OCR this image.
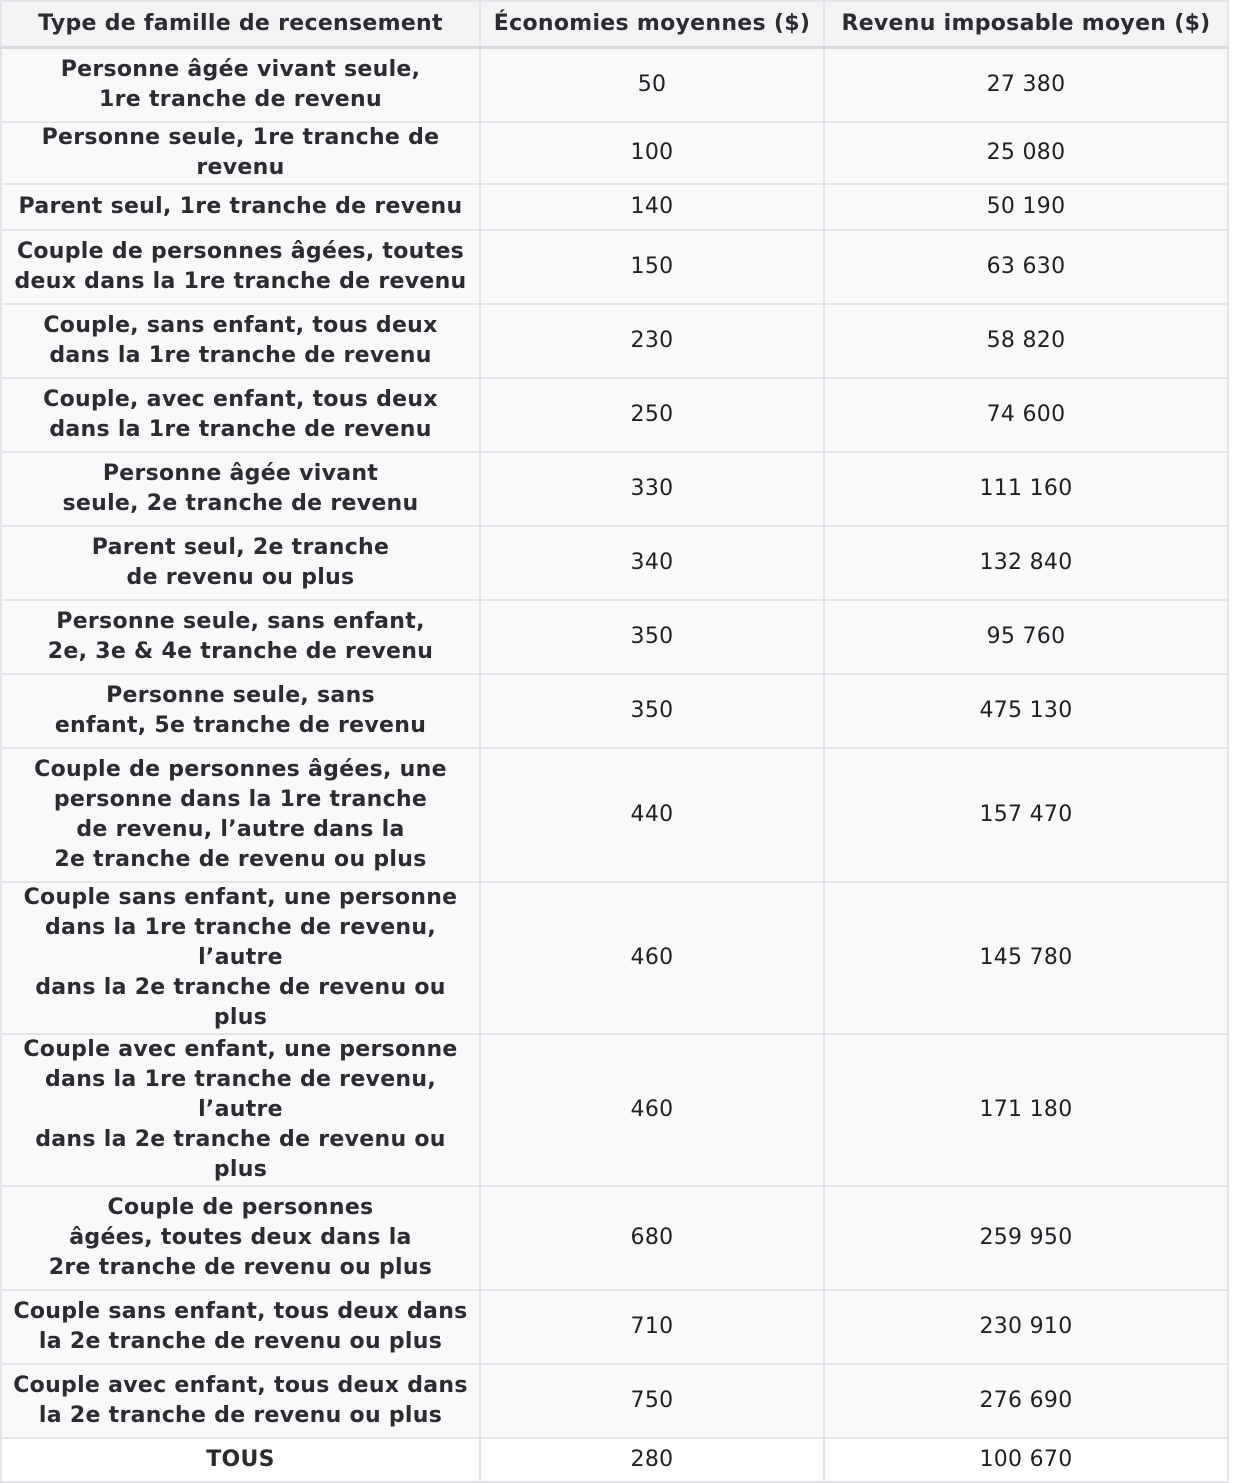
Type de famille de recensement	Économies moyennes ($)	Revenu imposable moyen ($)
Personne âgée vivant seule,
1re tranche de revenu	50	27 380
Personne seule, 1re tranche de revenu	100	25 080
Parent seul, 1re tranche de revenu	140	50 190
Couple de personnes âgées, toutes
deux dans la 1re tranche de revenu	150	63 630
Couple, sans enfant, tous deux
dans la 1re tranche de revenu	230	58 820
Couple, avec enfant, tous deux
dans la 1re tranche de revenu	250	74 600
Personne âgée vivant
seule, 2e tranche de revenu	330	111 160
Parent seul, 2e tranche
de revenu ou plus	340	132 840
Personne seule, sans enfant,
2e, 3e & 4e tranche de revenu	350	95 760
Personne seule, sans
enfant, 5e tranche de revenu	350	475 130
Couple de personnes âgées, une
personne dans la 1re tranche
de revenu, l’autre dans la
2e tranche de revenu ou plus	440	157 470
Couple sans enfant, une personne
dans la 1re tranche de revenu, l’autre
dans la 2e tranche de revenu ou plus	460	145 780
Couple avec enfant, une personne
dans la 1re tranche de revenu, l’autre
dans la 2e tranche de revenu ou plus	460	171 180
Couple de personnes
âgées, toutes deux dans la
2re tranche de revenu ou plus	680	259 950
Couple sans enfant, tous deux dans
la 2e tranche de revenu ou plus	710	230 910
Couple avec enfant, tous deux dans
la 2e tranche de revenu ou plus	750	276 690
TOUS	280	100 670
